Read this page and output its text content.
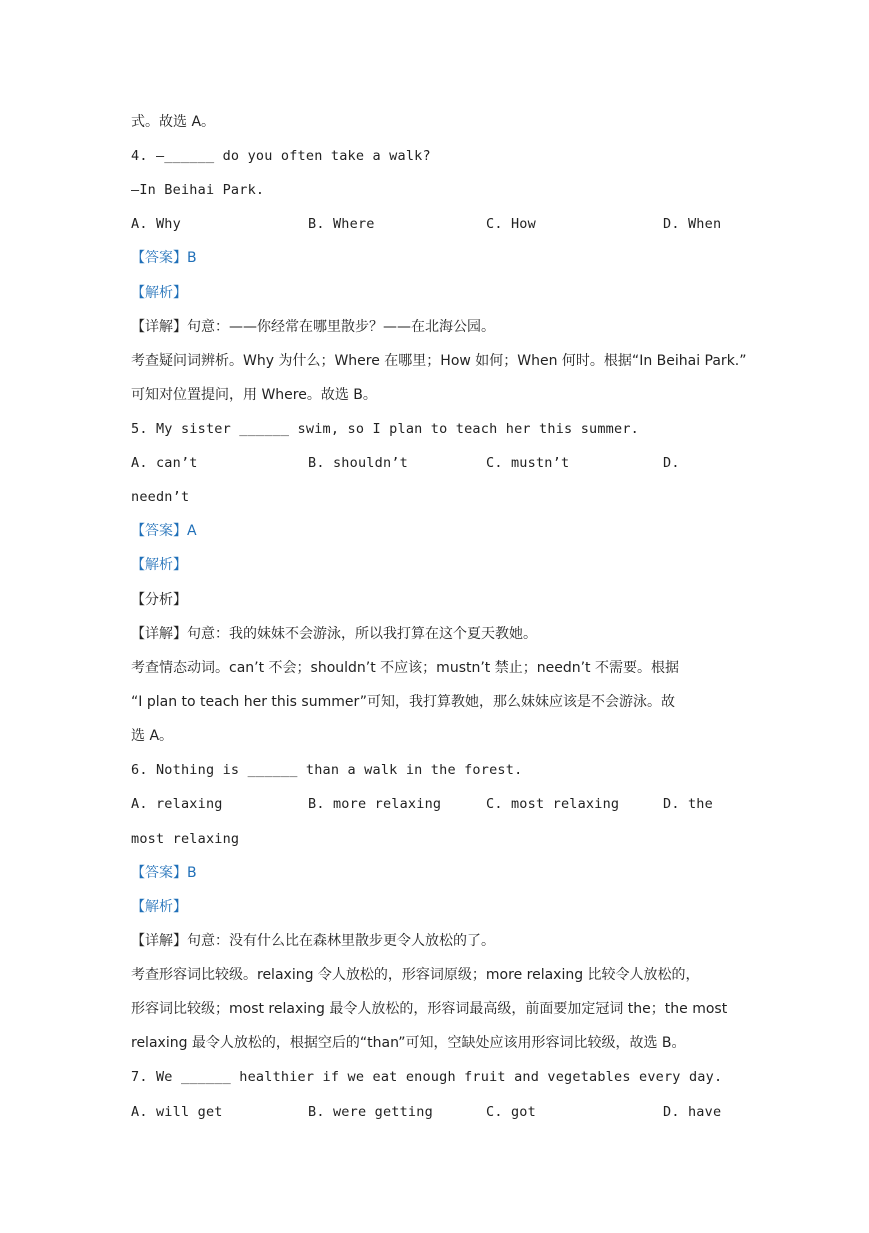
式。故选 A。
4. —______ do you often take a walk?
—In Beihai Park.

A. Why

	B. Where

	C. How

	D. When

【答案】B
【解析】
【详解】句意：——你经常在哪里散步？——在北海公园。
考查疑问词辨析。Why 为什么；Where 在哪里；How 如何；When 何时。根据“In Beihai Park.”
可知对位置提问，用 Where。故选 B。
5. My sister ______ swim, so I plan to teach her this summer.

A. can’t

	B. shouldn’t

	C. mustn’t

	D.

needn’t
【答案】A
【解析】
【分析】
【详解】句意：我的妹妹不会游泳，所以我打算在这个夏天教她。
考查情态动词。can’t 不会；shouldn’t 不应该；mustn’t 禁止；needn’t 不需要。根据
“I plan to teach her this summer”可知，我打算教她，那么妹妹应该是不会游泳。故
选 A。
6. Nothing is ______ than a walk in the forest.

A. relaxing

	B. more relaxing

	C. most relaxing

	D. the

most relaxing
【答案】B
【解析】
【详解】句意：没有什么比在森林里散步更令人放松的了。
考查形容词比较级。relaxing 令人放松的，形容词原级；more relaxing 比较令人放松的，
形容词比较级；most relaxing 最令人放松的，形容词最高级，前面要加定冠词 the；the most
relaxing 最令人放松的，根据空后的“than”可知，空缺处应该用形容词比较级，故选 B。
7. We ______ healthier if we eat enough fruit and vegetables every day.

A. will get

	B. were getting

	C. got

	D. have
